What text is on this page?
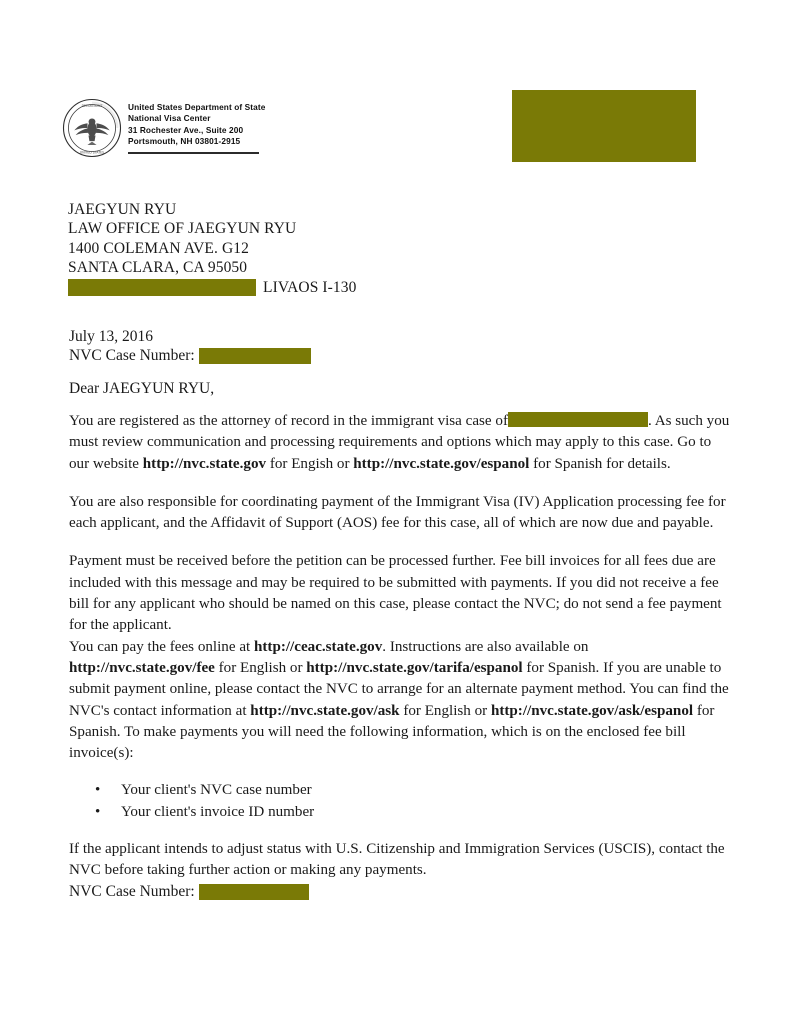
DEPARTMENT
UNITED STATES
United States Department of State
National Visa Center
31 Rochester Ave., Suite 200
Portsmouth, NH 03801-2915
JAEGYUN RYU
LAW OFFICE OF JAEGYUN RYU
1400 COLEMAN AVE. G12
SANTA CLARA, CA 95050
LIVAOS I-130
July 13, 2016
NVC Case Number:
Dear JAEGYUN RYU,

You are registered as the attorney of record in the immigrant visa case of	. As such you must review communication and processing requirements and options which may apply to this case. Go to our website http://nvc.state.gov for Engish or http://nvc.state.gov/espanol for Spanish for details.

You are also responsible for coordinating payment of the Immigrant Visa (IV) Application processing fee for each applicant, and the Affidavit of Support (AOS) fee for this case, all of which are now due and payable.

Payment must be received before the petition can be processed further. Fee bill invoices for all fees due are included with this message and may be required to be submitted with payments. If you did not receive a fee bill for any applicant who should be named on this case, please contact the NVC; do not send a fee payment for the applicant.

You can pay the fees online at http://ceac.state.gov. Instructions are also available on http://nvc.state.gov/fee for English or http://nvc.state.gov/tarifa/espanol for Spanish. If you are unable to submit payment online, please contact the NVC to arrange for an alternate payment method. You can find the NVC's contact information at http://nvc.state.gov/ask for English or http://nvc.state.gov/ask/espanol for Spanish. To make payments you will need the following information, which is on the enclosed fee bill invoice(s):

• Your client's NVC case number
• Your client's invoice ID number

If the applicant intends to adjust status with U.S. Citizenship and Immigration Services (USCIS), contact the NVC before taking further action or making any payments.

NVC Case Number:
